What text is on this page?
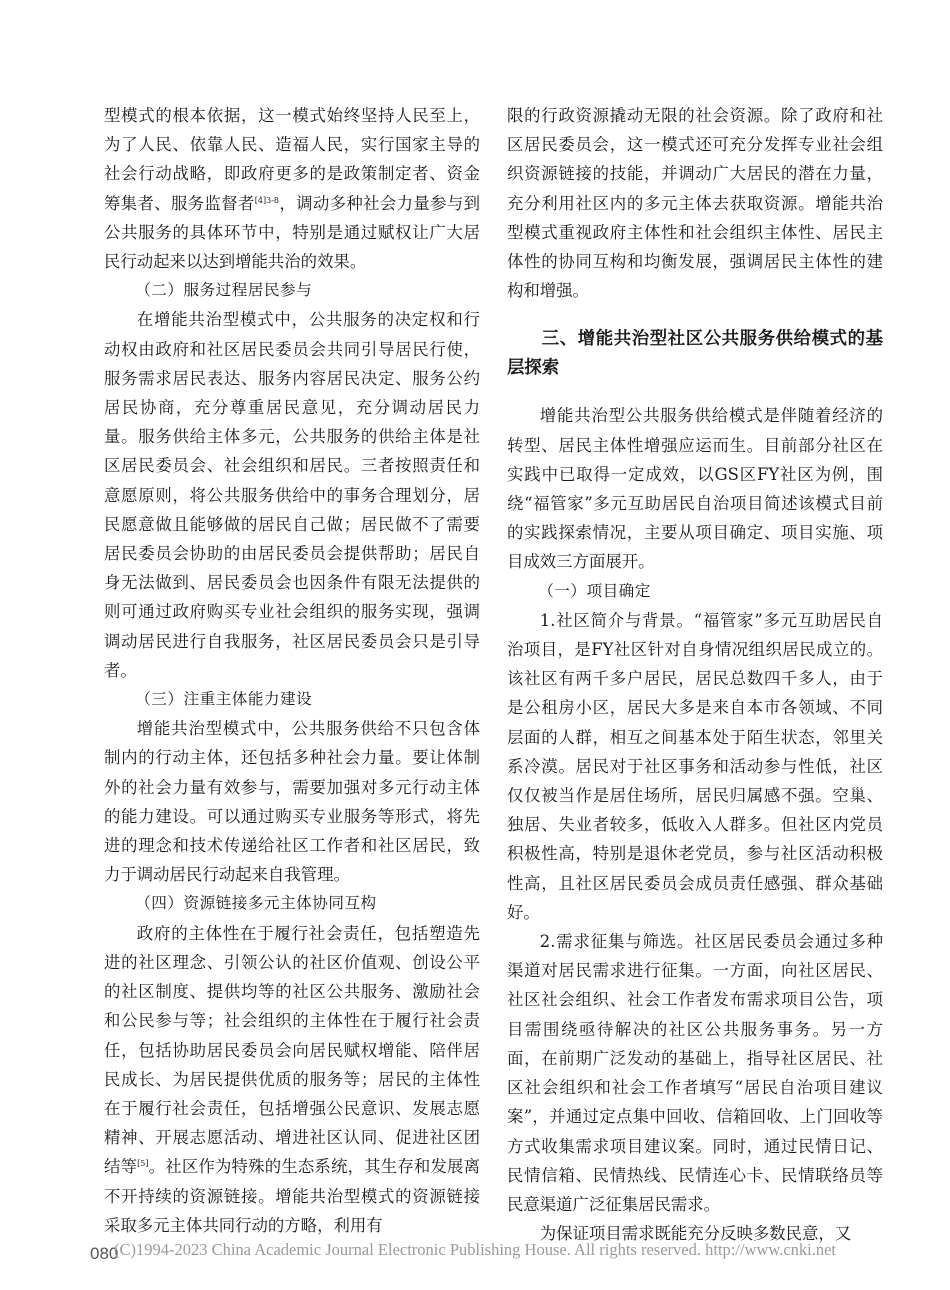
型模式的根本依据，这一模式始终坚持人民至上，为了人民、依靠人民、造福人民，实行国家主导的社会行动战略，即政府更多的是政策制定者、资金筹集者、服务监督者$^{[4]3-8}$，调动多种社会力量参与到公共服务的具体环节中，特别是通过赋权让广大居民行动起来以达到增能共治的效果。

（二）服务过程居民参与

在增能共治型模式中，公共服务的决定权和行动权由政府和社区居民委员会共同引导居民行使，服务需求居民表达、服务内容居民决定、服务公约居民协商，充分尊重居民意见，充分调动居民力量。服务供给主体多元，公共服务的供给主体是社区居民委员会、社会组织和居民。三者按照责任和意愿原则，将公共服务供给中的事务合理划分，居民愿意做且能够做的居民自己做；居民做不了需要居民委员会协助的由居民委员会提供帮助；居民自身无法做到、居民委员会也因条件有限无法提供的则可通过政府购买专业社会组织的服务实现，强调调动居民进行自我服务，社区居民委员会只是引导者。

（三）注重主体能力建设

增能共治型模式中，公共服务供给不只包含体制内的行动主体，还包括多种社会力量。要让体制外的社会力量有效参与，需要加强对多元行动主体的能力建设。可以通过购买专业服务等形式，将先进的理念和技术传递给社区工作者和社区居民，致力于调动居民行动起来自我管理。

（四）资源链接多元主体协同互构

政府的主体性在于履行社会责任，包括塑造先进的社区理念、引领公认的社区价值观、创设公平的社区制度、提供均等的社区公共服务、激励社会和公民参与等；社会组织的主体性在于履行社会责任，包括协助居民委员会向居民赋权增能、陪伴居民成长、为居民提供优质的服务等；居民的主体性在于履行社会责任，包括增强公民意识、发展志愿精神、开展志愿活动、增进社区认同、促进社区团结等[5]。社区作为特殊的生态系统，其生存和发展离不开持续的资源链接。增能共治型模式的资源链接采取多元主体共同行动的方略，利用有

限的行政资源撬动无限的社会资源。除了政府和社区居民委员会，这一模式还可充分发挥专业社会组织资源链接的技能，并调动广大居民的潜在力量，充分利用社区内的多元主体去获取资源。增能共治型模式重视政府主体性和社会组织主体性、居民主体性的协同互构和均衡发展，强调居民主体性的建构和增强。

三、增能共治型社区公共服务供给模式的基层探索

增能共治型公共服务供给模式是伴随着经济的转型、居民主体性增强应运而生。目前部分社区在实践中已取得一定成效，以GS区FY社区为例，围绕“福管家”多元互助居民自治项目简述该模式目前的实践探索情况，主要从项目确定、项目实施、项目成效三方面展开。

（一）项目确定

1.社区简介与背景。“福管家”多元互助居民自治项目，是FY社区针对自身情况组织居民成立的。该社区有两千多户居民，居民总数四千多人，由于是公租房小区，居民大多是来自本市各领域、不同层面的人群，相互之间基本处于陌生状态，邻里关系冷漠。居民对于社区事务和活动参与性低，社区仅仅被当作是居住场所，居民归属感不强。空巢、独居、失业者较多，低收入人群多。但社区内党员积极性高，特别是退休老党员，参与社区活动积极性高，且社区居民委员会成员责任感强、群众基础好。

2.需求征集与筛选。社区居民委员会通过多种渠道对居民需求进行征集。一方面，向社区居民、社区社会组织、社会工作者发布需求项目公告，项目需围绕亟待解决的社区公共服务事务。另一方面，在前期广泛发动的基础上，指导社区居民、社区社会组织和社会工作者填写“居民自治项目建议案”，并通过定点集中回收、信箱回收、上门回收等方式收集需求项目建议案。同时，通过民情日记、民情信箱、民情热线、民情连心卡、民情联络员等民意渠道广泛征集居民需求。

为保证项目需求既能充分反映多数民意，又

080
(C)1994-2023 China Academic Journal Electronic Publishing House. All rights reserved. http://www.cnki.net
